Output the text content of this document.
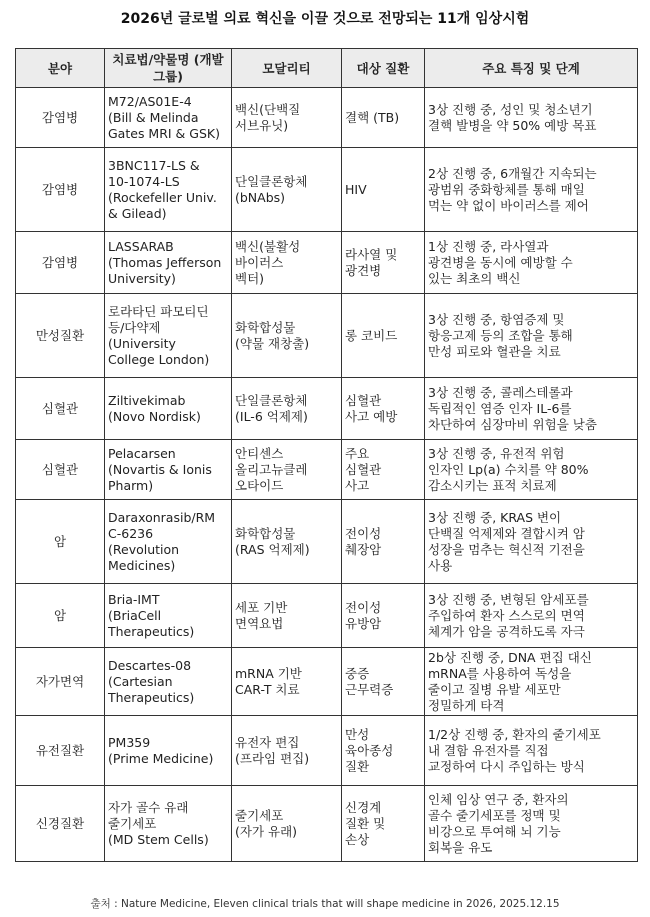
2026년 글로벌 의료 혁신을 이끌 것으로 전망되는 11개 임상시험
분야	치료법/약물명 (개발그룹)	모달리티	대상 질환	주요 특징 및 단계
감염병	M72/AS01E-4
(Bill & Melinda
Gates MRI & GSK)	백신(단백질
서브유닛)	결핵 (TB)	3상 진행 중, 성인 및 청소년기
결핵 발병을 약 50% 예방 목표
감염병	3BNC117-LS &
10-1074-LS
(Rockefeller Univ.
& Gilead)	단일클론항체
(bNAbs)	HIV	2상 진행 중, 6개월간 지속되는
광범위 중화항체를 통해 매일
먹는 약 없이 바이러스를 제어
감염병	LASSARAB
(Thomas Jefferson
University)	백신(불활성
바이러스
벡터)	라사열 및
광견병	1상 진행 중, 라사열과
광견병을 동시에 예방할 수
있는 최초의 백신
만성질환	로라타딘 파모티딘
등/다약제
(University
College London)	화학합성물
(약물 재창출)	롱 코비드	3상 진행 중, 항염증제 및
항응고제 등의 조합을 통해
만성 피로와 혈관을 치료
심혈관	Ziltivekimab
(Novo Nordisk)	단일클론항체
(IL-6 억제제)	심혈관
사고 예방	3상 진행 중, 콜레스테롤과
독립적인 염증 인자 IL-6를
차단하여 심장마비 위험을 낮춤
심혈관	Pelacarsen
(Novartis & Ionis
Pharm)	안티센스
올리고뉴클레
오타이드	주요
심혈관
사고	3상 진행 중, 유전적 위험
인자인 Lp(a) 수치를 약 80%
감소시키는 표적 치료제
암	Daraxonrasib/RM
C-6236
(Revolution
Medicines)	화학합성물
(RAS 억제제)	전이성
췌장암	3상 진행 중, KRAS 변이
단백질 억제제와 결합시켜 암
성장을 멈추는 혁신적 기전을
사용
암	Bria-IMT
(BriaCell
Therapeutics)	세포 기반
면역요법	전이성
유방암	3상 진행 중, 변형된 암세포를
주입하여 환자 스스로의 면역
체계가 암을 공격하도록 자극
자가면역	Descartes-08
(Cartesian
Therapeutics)	mRNA 기반
CAR-T 치료	중증
근무력증	2b상 진행 중, DNA 편집 대신
mRNA를 사용하여 독성을
줄이고 질병 유발 세포만
정밀하게 타격
유전질환	PM359
(Prime Medicine)	유전자 편집
(프라임 편집)	만성
육아종성
질환	1/2상 진행 중, 환자의 줄기세포
내 결함 유전자를 직접
교정하여 다시 주입하는 방식
신경질환	자가 골수 유래
줄기세포
(MD Stem Cells)	줄기세포
(자가 유래)	신경계
질환 및
손상	인체 임상 연구 중, 환자의
골수 줄기세포를 정맥 및
비강으로 투여해 뇌 기능
회복을 유도
출처 : Nature Medicine, Eleven clinical trials that will shape medicine in 2026, 2025.12.15
